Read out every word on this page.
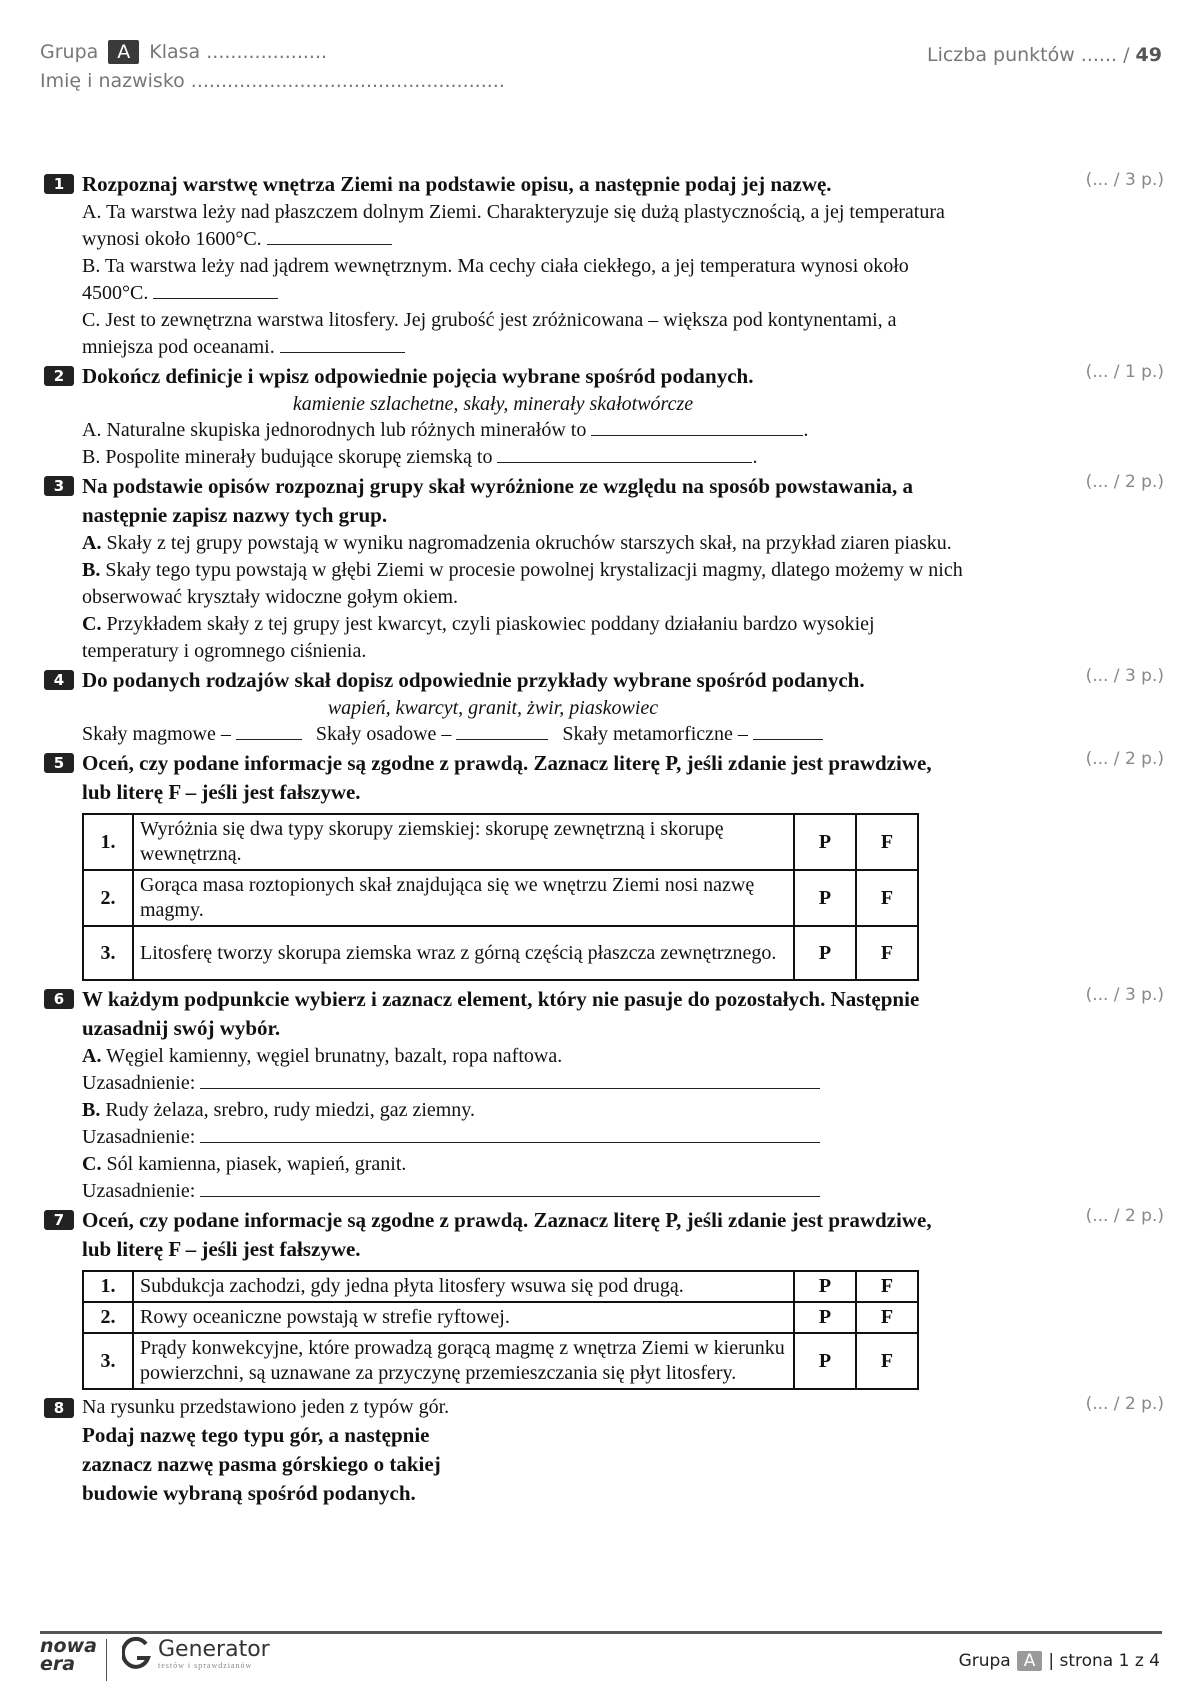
Grupa	A	Klasa ....................	Liczba punktów ...... / 49
Imię i nazwisko ....................................................
1	(... / 3 p.)
Rozpoznaj warstwę wnętrza Ziemi na podstawie opisu, a następnie podaj jej nazwę.
A. Ta warstwa leży nad płaszczem dolnym Ziemi. Charakteryzuje się dużą plastycznością, a jej temperatura wynosi około 1600°C.
B. Ta warstwa leży nad jądrem wewnętrznym. Ma cechy ciała ciekłego, a jej temperatura wynosi około 4500°C.
C. Jest to zewnętrzna warstwa litosfery. Jej grubość jest zróżnicowana – większa pod kontynentami, a mniejsza pod oceanami.
2	(... / 1 p.)
Dokończ definicje i wpisz odpowiednie pojęcia wybrane spośród podanych.
kamienie szlachetne, skały, minerały skałotwórcze
A. Naturalne skupiska jednorodnych lub różnych minerałów to	.
B. Pospolite minerały budujące skorupę ziemską to	.
3	(... / 2 p.)
Na podstawie opisów rozpoznaj grupy skał wyróżnione ze względu na sposób powstawania, a następnie zapisz nazwy tych grup.
A. Skały z tej grupy powstają w wyniku nagromadzenia okruchów starszych skał, na przykład ziaren piasku.
B. Skały tego typu powstają w głębi Ziemi w procesie powolnej krystalizacji magmy, dlatego możemy w nich obserwować kryształy widoczne gołym okiem.
C. Przykładem skały z tej grupy jest kwarcyt, czyli piaskowiec poddany działaniu bardzo wysokiej temperatury i ogromnego ciśnienia.
4	(... / 3 p.)
Do podanych rodzajów skał dopisz odpowiednie przykłady wybrane spośród podanych.
wapień, kwarcyt, granit, żwir, piaskowiec
Skały magmowe –	Skały osadowe –	Skały metamorficzne –
5	(... / 2 p.)
Oceń, czy podane informacje są zgodne z prawdą. Zaznacz literę P, jeśli zdanie jest prawdziwe, lub literę F – jeśli jest fałszywe.
1.	Wyróżnia się dwa typy skorupy ziemskiej: skorupę zewnętrzną i skorupę wewnętrzną.	P	F
2.	Gorąca masa roztopionych skał znajdująca się we wnętrzu Ziemi nosi nazwę magmy.	P	F
3.	Litosferę tworzy skorupa ziemska wraz z górną częścią płaszcza zewnętrznego.	P	F
6	(... / 3 p.)
W każdym podpunkcie wybierz i zaznacz element, który nie pasuje do pozostałych. Następnie uzasadnij swój wybór.
A. Węgiel kamienny, węgiel brunatny, bazalt, ropa naftowa.
Uzasadnienie:
B. Rudy żelaza, srebro, rudy miedzi, gaz ziemny.
Uzasadnienie:
C. Sól kamienna, piasek, wapień, granit.
Uzasadnienie:
7	(... / 2 p.)
Oceń, czy podane informacje są zgodne z prawdą. Zaznacz literę P, jeśli zdanie jest prawdziwe, lub literę F – jeśli jest fałszywe.
1.	Subdukcja zachodzi, gdy jedna płyta litosfery wsuwa się pod drugą.	P	F
2.	Rowy oceaniczne powstają w strefie ryftowej.	P	F
3.	Prądy konwekcyjne, które prowadzą gorącą magmę z wnętrza Ziemi w kierunku powierzchni, są uznawane za przyczynę przemieszczania się płyt litosfery.	P	F
8	(... / 2 p.)
Na rysunku przedstawiono jeden z typów gór.
Podaj nazwę tego typu gór, a następnie zaznacz nazwę pasma górskiego o takiej budowie wybraną spośród podanych.
nowa
era
Generator
testów i sprawdzianów	Grupa A | strona 1 z 4
